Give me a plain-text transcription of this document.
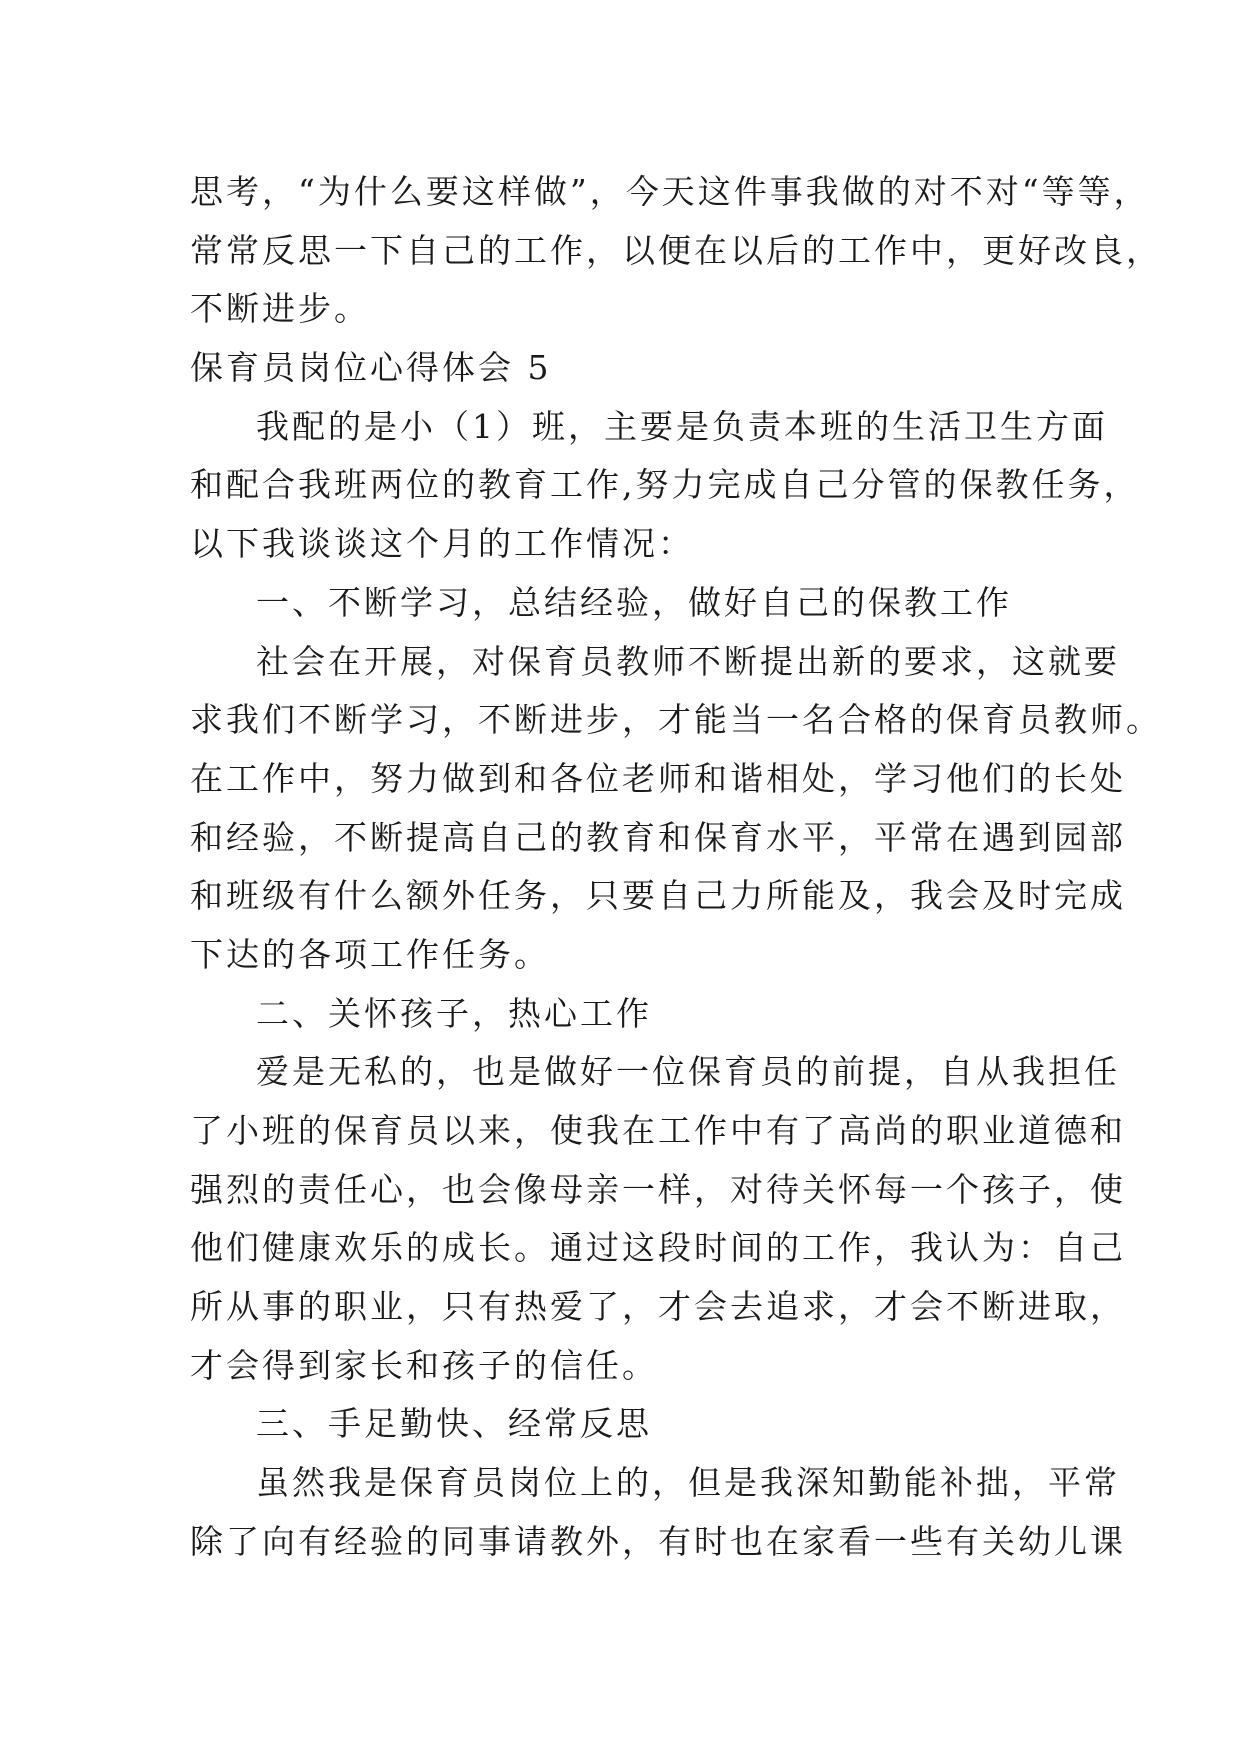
思考，“为什么要这样做”，今天这件事我做的对不对“等等，
常常反思一下自己的工作，以便在以后的工作中，更好改良，
不断进步。
保育员岗位心得体会 5
我配的是小（1）班，主要是负责本班的生活卫生方面
和配合我班两位的教育工作,努力完成自己分管的保教任务，
以下我谈谈这个月的工作情况：
一、不断学习，总结经验，做好自己的保教工作
社会在开展，对保育员教师不断提出新的要求，这就要
求我们不断学习，不断进步，才能当一名合格的保育员教师。
在工作中，努力做到和各位老师和谐相处，学习他们的长处
和经验，不断提高自己的教育和保育水平，平常在遇到园部
和班级有什么额外任务，只要自己力所能及，我会及时完成
下达的各项工作任务。
二、关怀孩子，热心工作
爱是无私的，也是做好一位保育员的前提，自从我担任
了小班的保育员以来，使我在工作中有了高尚的职业道德和
强烈的责任心，也会像母亲一样，对待关怀每一个孩子，使
他们健康欢乐的成长。通过这段时间的工作，我认为：自己
所从事的职业，只有热爱了，才会去追求，才会不断进取，
才会得到家长和孩子的信任。
三、手足勤快、经常反思
虽然我是保育员岗位上的，但是我深知勤能补拙，平常
除了向有经验的同事请教外，有时也在家看一些有关幼儿课
